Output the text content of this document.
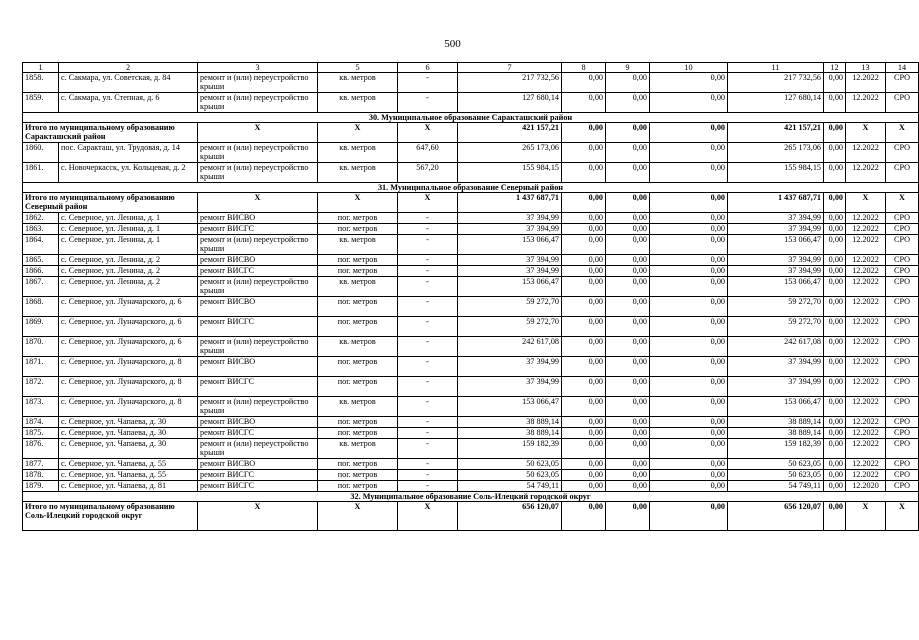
500
1	2	3	5	6	7	8	9	10	11	12	13	14
1858.	с. Сакмара, ул. Советская, д. 84	ремонт и (или) переустройство крыши	кв. метров	-	217 732,56	0,00	0,00	0,00	217 732,56	0,00	12.2022	СРО
1859.	с. Сакмара, ул. Степная, д. 6	ремонт и (или) переустройство крыши	кв. метров	-	127 680,14	0,00	0,00	0,00	127 680,14	0,00	12.2022	СРО
30. Муниципальное образование Саракташский район												
Итого по муниципальному образованию Саракташский район		X	X	X	421 157,21	0,00	0,00	0,00	421 157,21	0,00	X	X
1860.	пос. Саракташ, ул. Трудовая, д. 14	ремонт и (или) переустройство крыши	кв. метров	647,60	265 173,06	0,00	0,00	0,00	265 173,06	0,00	12.2022	СРО
1861.	с. Новочеркасск, ул. Кольцевая, д. 2	ремонт и (или) переустройство крыши	кв. метров	567,20	155 984,15	0,00	0,00	0,00	155 984,15	0,00	12.2022	СРО
31. Муниципальное образование Северный район												
Итого по муниципальному образованию Северный район		X	X	X	1 437 687,71	0,00	0,00	0,00	1 437 687,71	0,00	X	X
1862.	с. Северное, ул. Ленина, д. 1	ремонт ВИСВО	пог. метров	-	37 394,99	0,00	0,00	0,00	37 394,99	0,00	12.2022	СРО
1863.	с. Северное, ул. Ленина, д. 1	ремонт ВИСГС	пог. метров	-	37 394,99	0,00	0,00	0,00	37 394,99	0,00	12.2022	СРО
1864.	с. Северное, ул. Ленина, д. 1	ремонт и (или) переустройство крыши	кв. метров	-	153 066,47	0,00	0,00	0,00	153 066,47	0,00	12.2022	СРО
1865.	с. Северное, ул. Ленина, д. 2	ремонт ВИСВО	пог. метров	-	37 394,99	0,00	0,00	0,00	37 394,99	0,00	12.2022	СРО
1866.	с. Северное, ул. Ленина, д. 2	ремонт ВИСГС	пог. метров	-	37 394,99	0,00	0,00	0,00	37 394,99	0,00	12.2022	СРО
1867.	с. Северное, ул. Ленина, д. 2	ремонт и (или) переустройство крыши	кв. метров	-	153 066,47	0,00	0,00	0,00	153 066,47	0,00	12.2022	СРО
1868.	с. Северное, ул. Луначарского, д. 6	ремонт ВИСВО	пог. метров	-	59 272,70	0,00	0,00	0,00	59 272,70	0,00	12.2022	СРО
1869.	с. Северное, ул. Луначарского, д. 6	ремонт ВИСГС	пог. метров	-	59 272,70	0,00	0,00	0,00	59 272,70	0,00	12.2022	СРО
1870.	с. Северное, ул. Луначарского, д. 6	ремонт и (или) переустройство крыши	кв. метров	-	242 617,08	0,00	0,00	0,00	242 617,08	0,00	12.2022	СРО
1871.	с. Северное, ул. Луначарского, д. 8	ремонт ВИСВО	пог. метров	-	37 394,99	0,00	0,00	0,00	37 394,99	0,00	12.2022	СРО
1872.	с. Северное, ул. Луначарского, д. 8	ремонт ВИСГС	пог. метров	-	37 394,99	0,00	0,00	0,00	37 394,99	0,00	12.2022	СРО
1873.	с. Северное, ул. Луначарского, д. 8	ремонт и (или) переустройство крыши	кв. метров	-	153 066,47	0,00	0,00	0,00	153 066,47	0,00	12.2022	СРО
1874.	с. Северное, ул. Чапаева, д. 30	ремонт ВИСВО	пог. метров	-	38 889,14	0,00	0,00	0,00	38 889,14	0,00	12.2022	СРО
1875.	с. Северное, ул. Чапаева, д. 30	ремонт ВИСГС	пог. метров	-	38 889,14	0,00	0,00	0,00	38 889,14	0,00	12.2022	СРО
1876.	с. Северное, ул. Чапаева, д. 30	ремонт и (или) переустройство крыши	кв. метров	-	159 182,39	0,00	0,00	0,00	159 182,39	0,00	12.2022	СРО
1877.	с. Северное, ул. Чапаева, д. 55	ремонт ВИСВО	пог. метров	-	50 623,05	0,00	0,00	0,00	50 623,05	0,00	12.2022	СРО
1878.	с. Северное, ул. Чапаева, д. 55	ремонт ВИСГС	пог. метров	-	50 623,05	0,00	0,00	0,00	50 623,05	0,00	12.2022	СРО
1879.	с. Северное, ул. Чапаева, д. 81	ремонт ВИСГС	пог. метров	-	54 749,11	0,00	0,00	0,00	54 749,11	0,00	12.2020	СРО
32. Муниципальное образование Соль-Илецкий городской округ												
Итого по муниципальному образованию Соль-Илецкий городской округ		X	X	X	656 120,07	0,00	0,00	0,00	656 120,07	0,00	X	X
